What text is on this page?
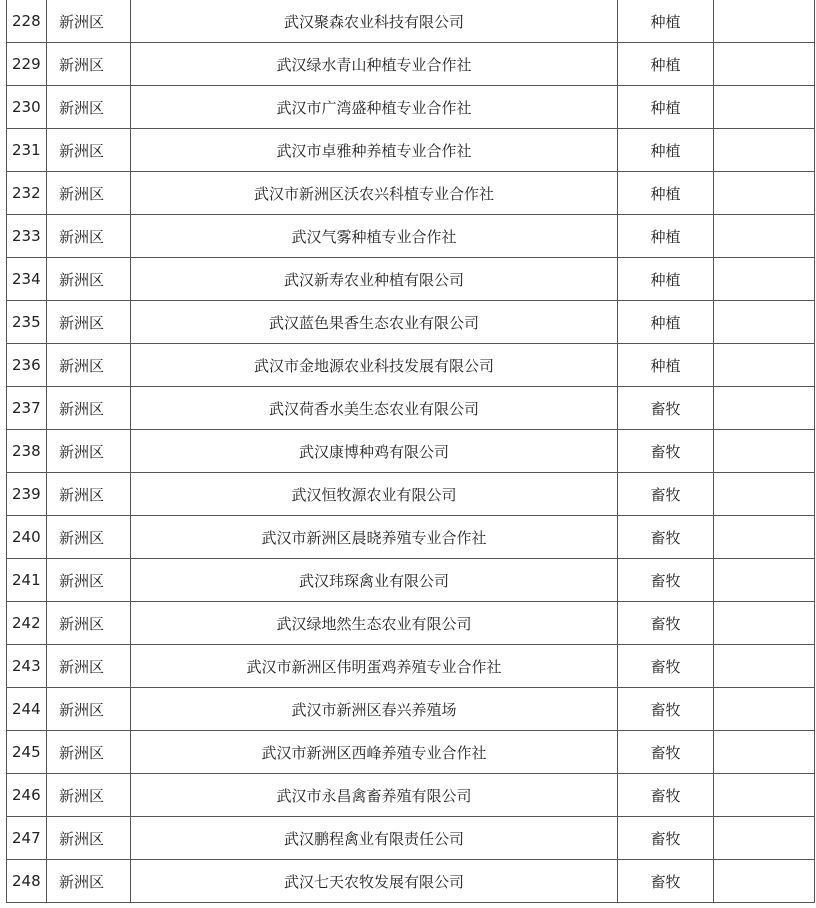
228	新洲区	武汉聚森农业科技有限公司	种植	
229	新洲区	武汉绿水青山种植专业合作社	种植	
230	新洲区	武汉市广湾盛种植专业合作社	种植	
231	新洲区	武汉市卓雅种养植专业合作社	种植	
232	新洲区	武汉市新洲区沃农兴科植专业合作社	种植	
233	新洲区	武汉气雾种植专业合作社	种植	
234	新洲区	武汉新寿农业种植有限公司	种植	
235	新洲区	武汉蓝色果香生态农业有限公司	种植	
236	新洲区	武汉市金地源农业科技发展有限公司	种植	
237	新洲区	武汉荷香水美生态农业有限公司	畜牧	
238	新洲区	武汉康博种鸡有限公司	畜牧	
239	新洲区	武汉恒牧源农业有限公司	畜牧	
240	新洲区	武汉市新洲区晨晓养殖专业合作社	畜牧	
241	新洲区	武汉玮琛禽业有限公司	畜牧	
242	新洲区	武汉绿地然生态农业有限公司	畜牧	
243	新洲区	武汉市新洲区伟明蛋鸡养殖专业合作社	畜牧	
244	新洲区	武汉市新洲区春兴养殖场	畜牧	
245	新洲区	武汉市新洲区西峰养殖专业合作社	畜牧	
246	新洲区	武汉市永昌禽畜养殖有限公司	畜牧	
247	新洲区	武汉鹏程禽业有限责任公司	畜牧	
248	新洲区	武汉七天农牧发展有限公司	畜牧	
